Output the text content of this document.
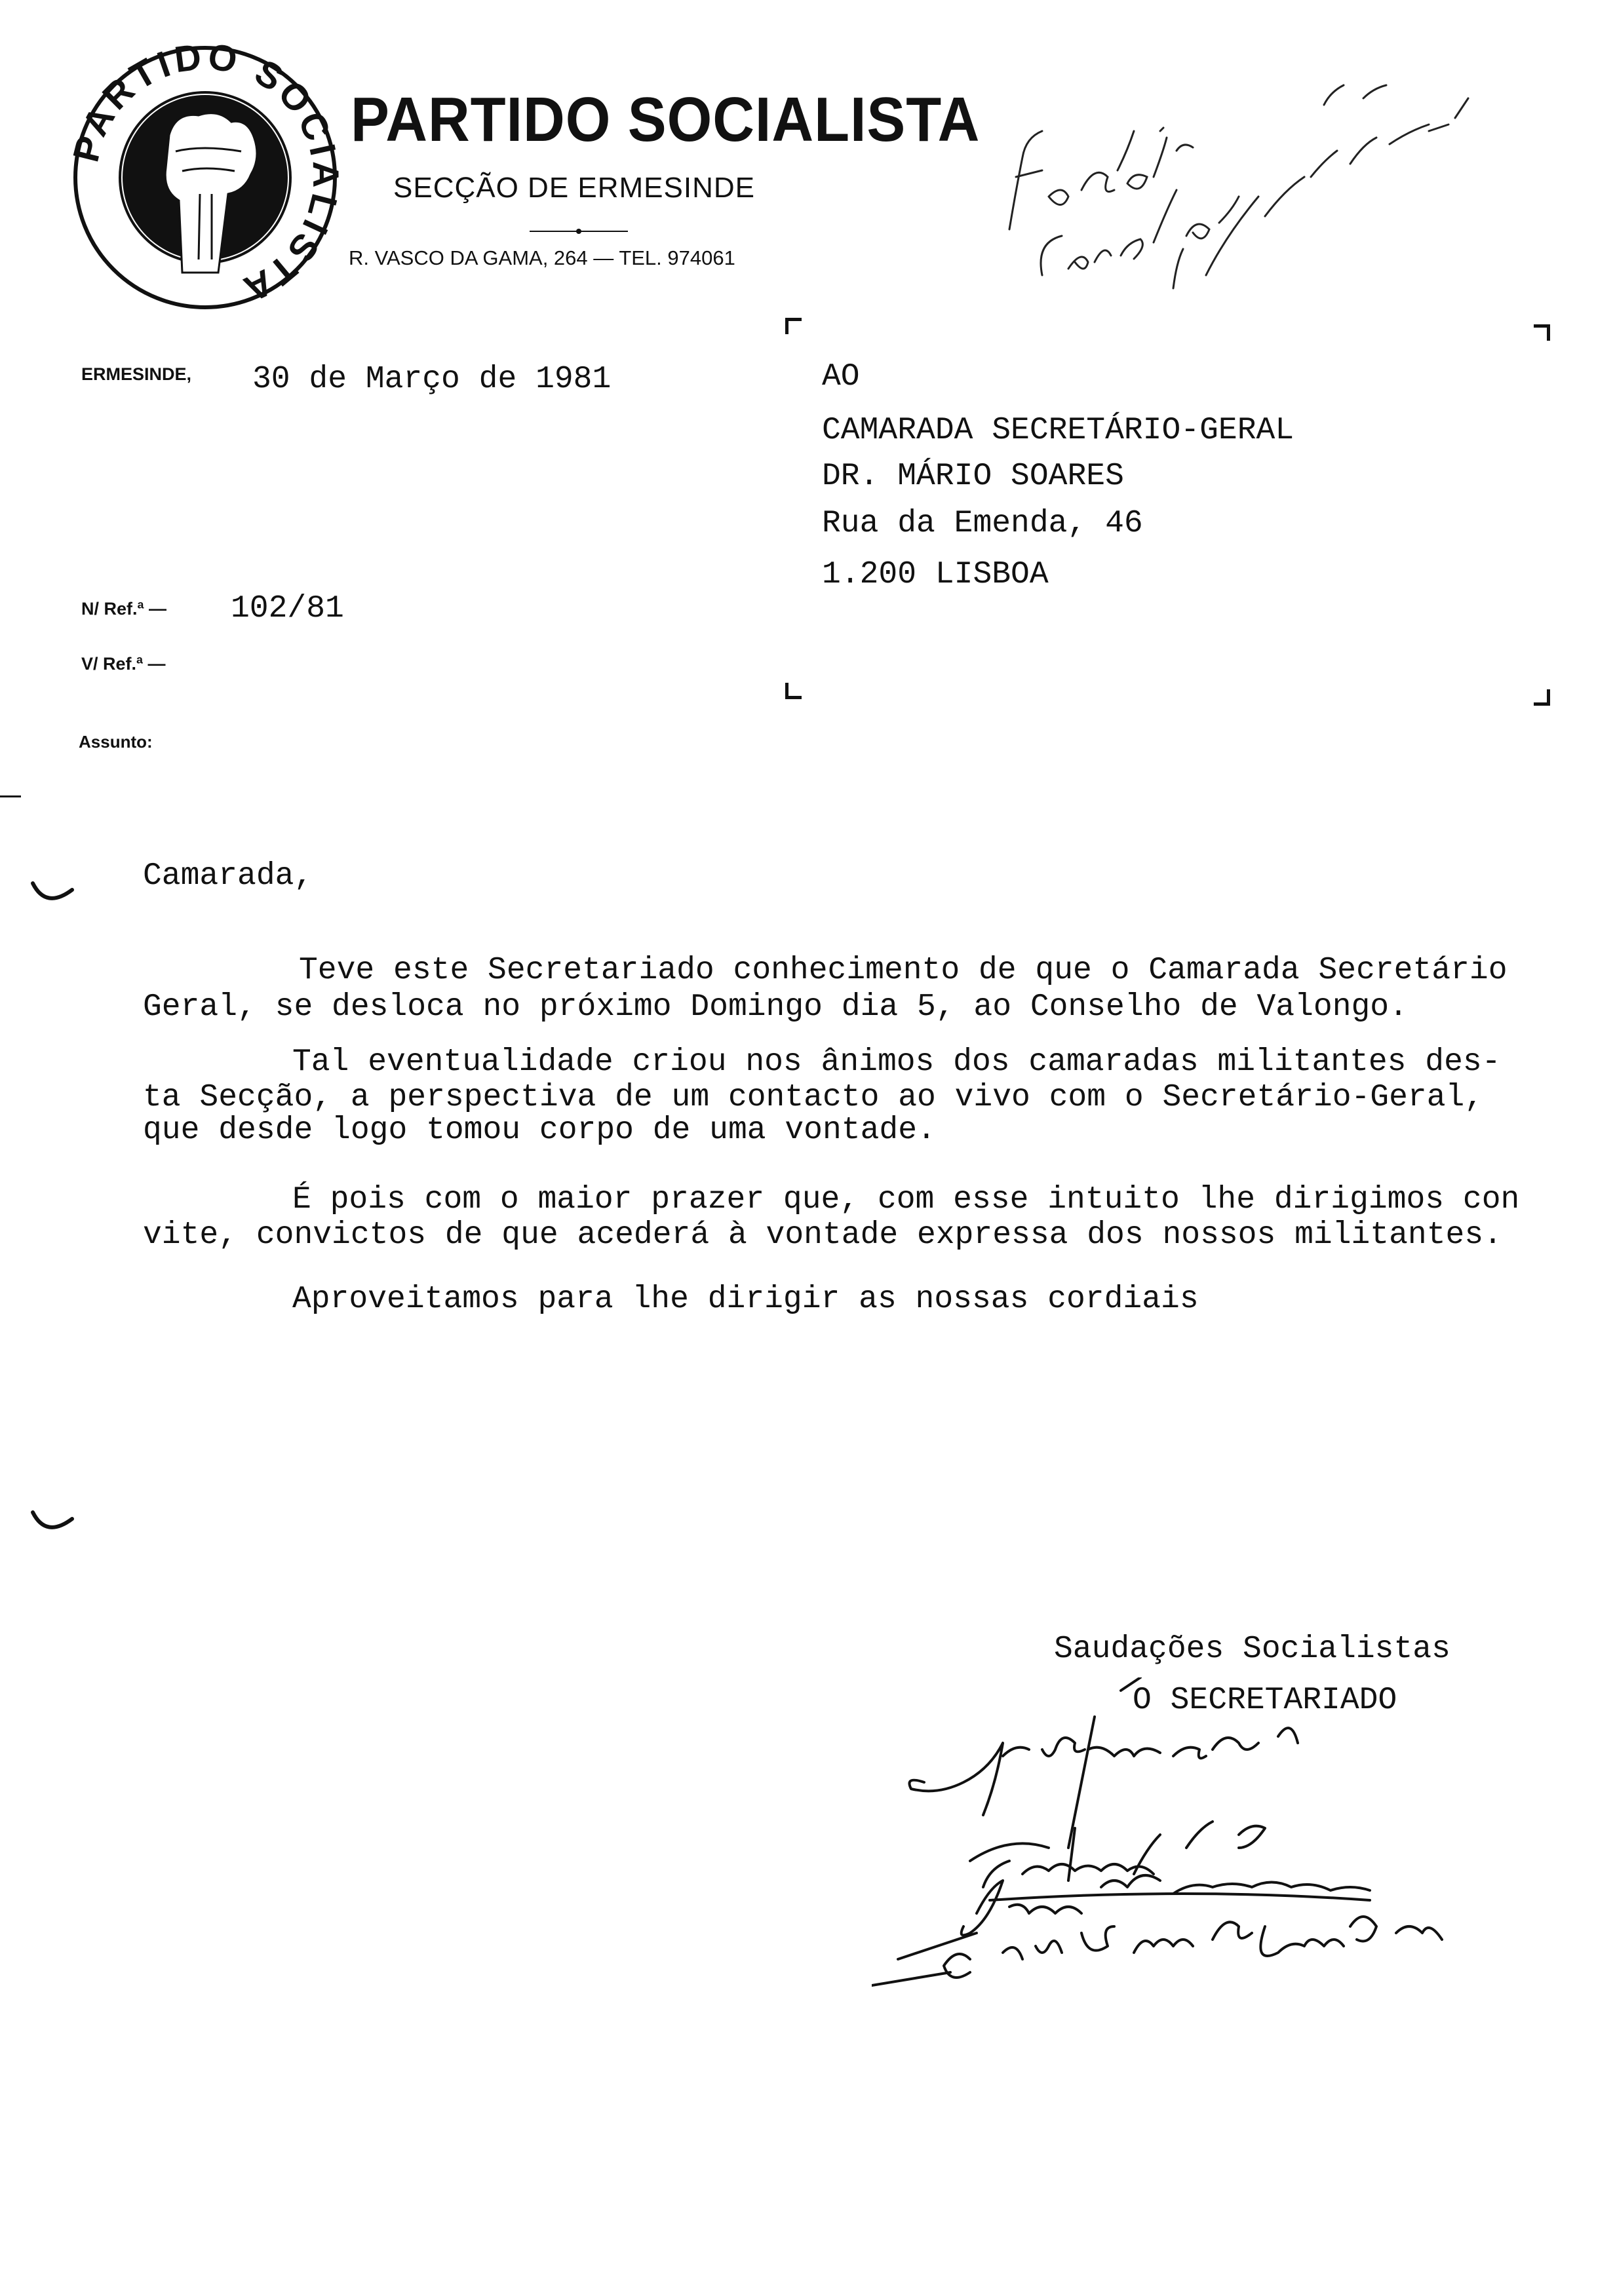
ARTIDO SOC ISTA
PARTIDO SOCIALISTA
SECÇÃO DE ERMESINDE
R. VASCO DA GAMA, 264 — TEL. 974061
ERMESINDE, 30 de Março de 1981
N/ Ref.ª — 102/81
V/ Ref.ª —
Assunto:
AO
CAMARADA SECRETÁRIO-GERAL
DR. MÁRIO SOARES
Rua da Emenda, 46
1.200 LISBOA
Camarada,
Teve este Secretariado conhecimento de que o Camarada Secretário
Geral, se desloca no próximo Domingo dia 5, ao Conselho de Valongo.
Tal eventualidade criou nos ânimos dos camaradas militantes des-
ta Secção, a perspectiva de um contacto ao vivo com o Secretário-Geral,
que desde logo tomou corpo de uma vontade.
É pois com o maior prazer que, com esse intuito lhe dirigimos con
vite, convictos de que acederá à vontade expressa dos nossos militantes.
Aproveitamos para lhe dirigir as nossas cordiais
Saudações Socialistas
O SECRETARIADO
